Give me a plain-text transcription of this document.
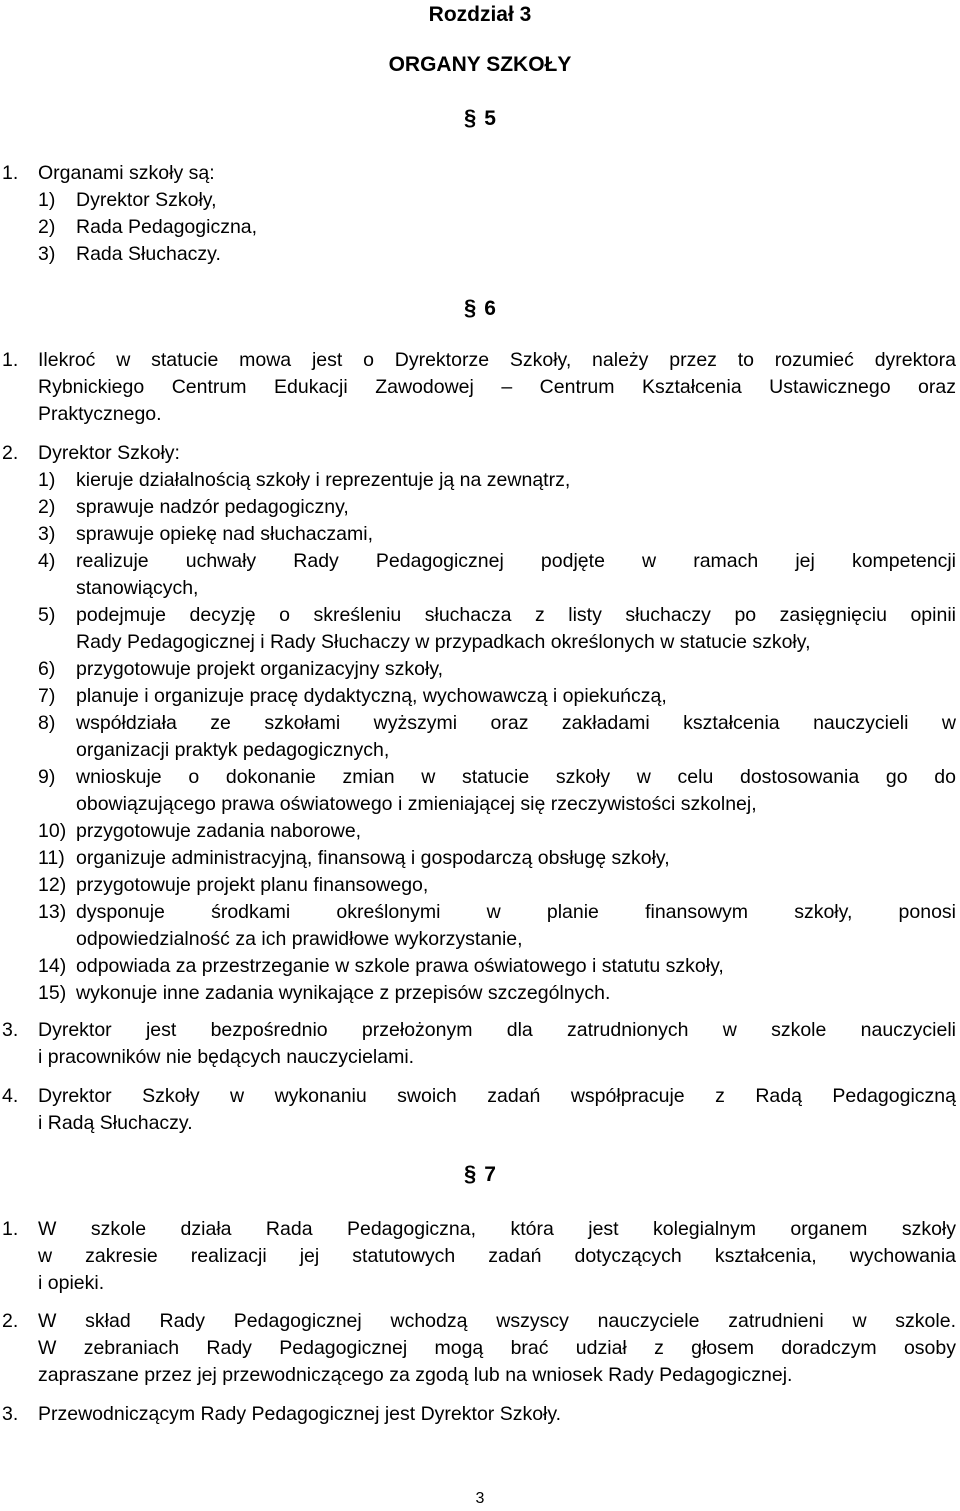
Rozdział 3
ORGANY SZKOŁY
§ 5
1. Organami szkoły są:
1) Dyrektor Szkoły,
2) Rada Pedagogiczna,
3) Rada Słuchaczy.
§ 6
1. Ilekroć w statucie mowa jest o Dyrektorze Szkoły, należy przez to rozumieć dyrektora
Rybnickiego Centrum Edukacji Zawodowej – Centrum Kształcenia Ustawicznego oraz
Praktycznego.
2. Dyrektor Szkoły:
1) kieruje działalnością szkoły i reprezentuje ją na zewnątrz,
2) sprawuje nadzór pedagogiczny,
3) sprawuje opiekę nad słuchaczami,
4) realizuje uchwały Rady Pedagogicznej podjęte w ramach jej kompetencji
stanowiących,
5) podejmuje decyzję o skreśleniu słuchacza z listy słuchaczy po zasięgnięciu opinii
Rady Pedagogicznej i Rady Słuchaczy w przypadkach określonych w statucie szkoły,
6) przygotowuje projekt organizacyjny szkoły,
7) planuje i organizuje pracę dydaktyczną, wychowawczą i opiekuńczą,
8) współdziała ze szkołami wyższymi oraz zakładami kształcenia nauczycieli w
organizacji praktyk pedagogicznych,
9) wnioskuje o dokonanie zmian w statucie szkoły w celu dostosowania go do
obowiązującego prawa oświatowego i zmieniającej się rzeczywistości szkolnej,
10) przygotowuje zadania naborowe,
11) organizuje administracyjną, finansową i gospodarczą obsługę szkoły,
12) przygotowuje projekt planu finansowego,
13) dysponuje środkami określonymi w planie finansowym szkoły, ponosi
odpowiedzialność za ich prawidłowe wykorzystanie,
14) odpowiada za przestrzeganie w szkole prawa oświatowego i statutu szkoły,
15) wykonuje inne zadania wynikające z przepisów szczególnych.
3. Dyrektor jest bezpośrednio przełożonym dla zatrudnionych w szkole nauczycieli
i pracowników nie będących nauczycielami.
4. Dyrektor Szkoły w wykonaniu swoich zadań współpracuje z Radą Pedagogiczną
i Radą Słuchaczy.
§ 7
1. W szkole działa Rada Pedagogiczna, która jest kolegialnym organem szkoły
w zakresie realizacji jej statutowych zadań dotyczących kształcenia, wychowania
i opieki.
2. W skład Rady Pedagogicznej wchodzą wszyscy nauczyciele zatrudnieni w szkole.
W zebraniach Rady Pedagogicznej mogą brać udział z głosem doradczym osoby
zapraszane przez jej przewodniczącego za zgodą lub na wniosek Rady Pedagogicznej.
3. Przewodniczącym Rady Pedagogicznej jest Dyrektor Szkoły.
3
